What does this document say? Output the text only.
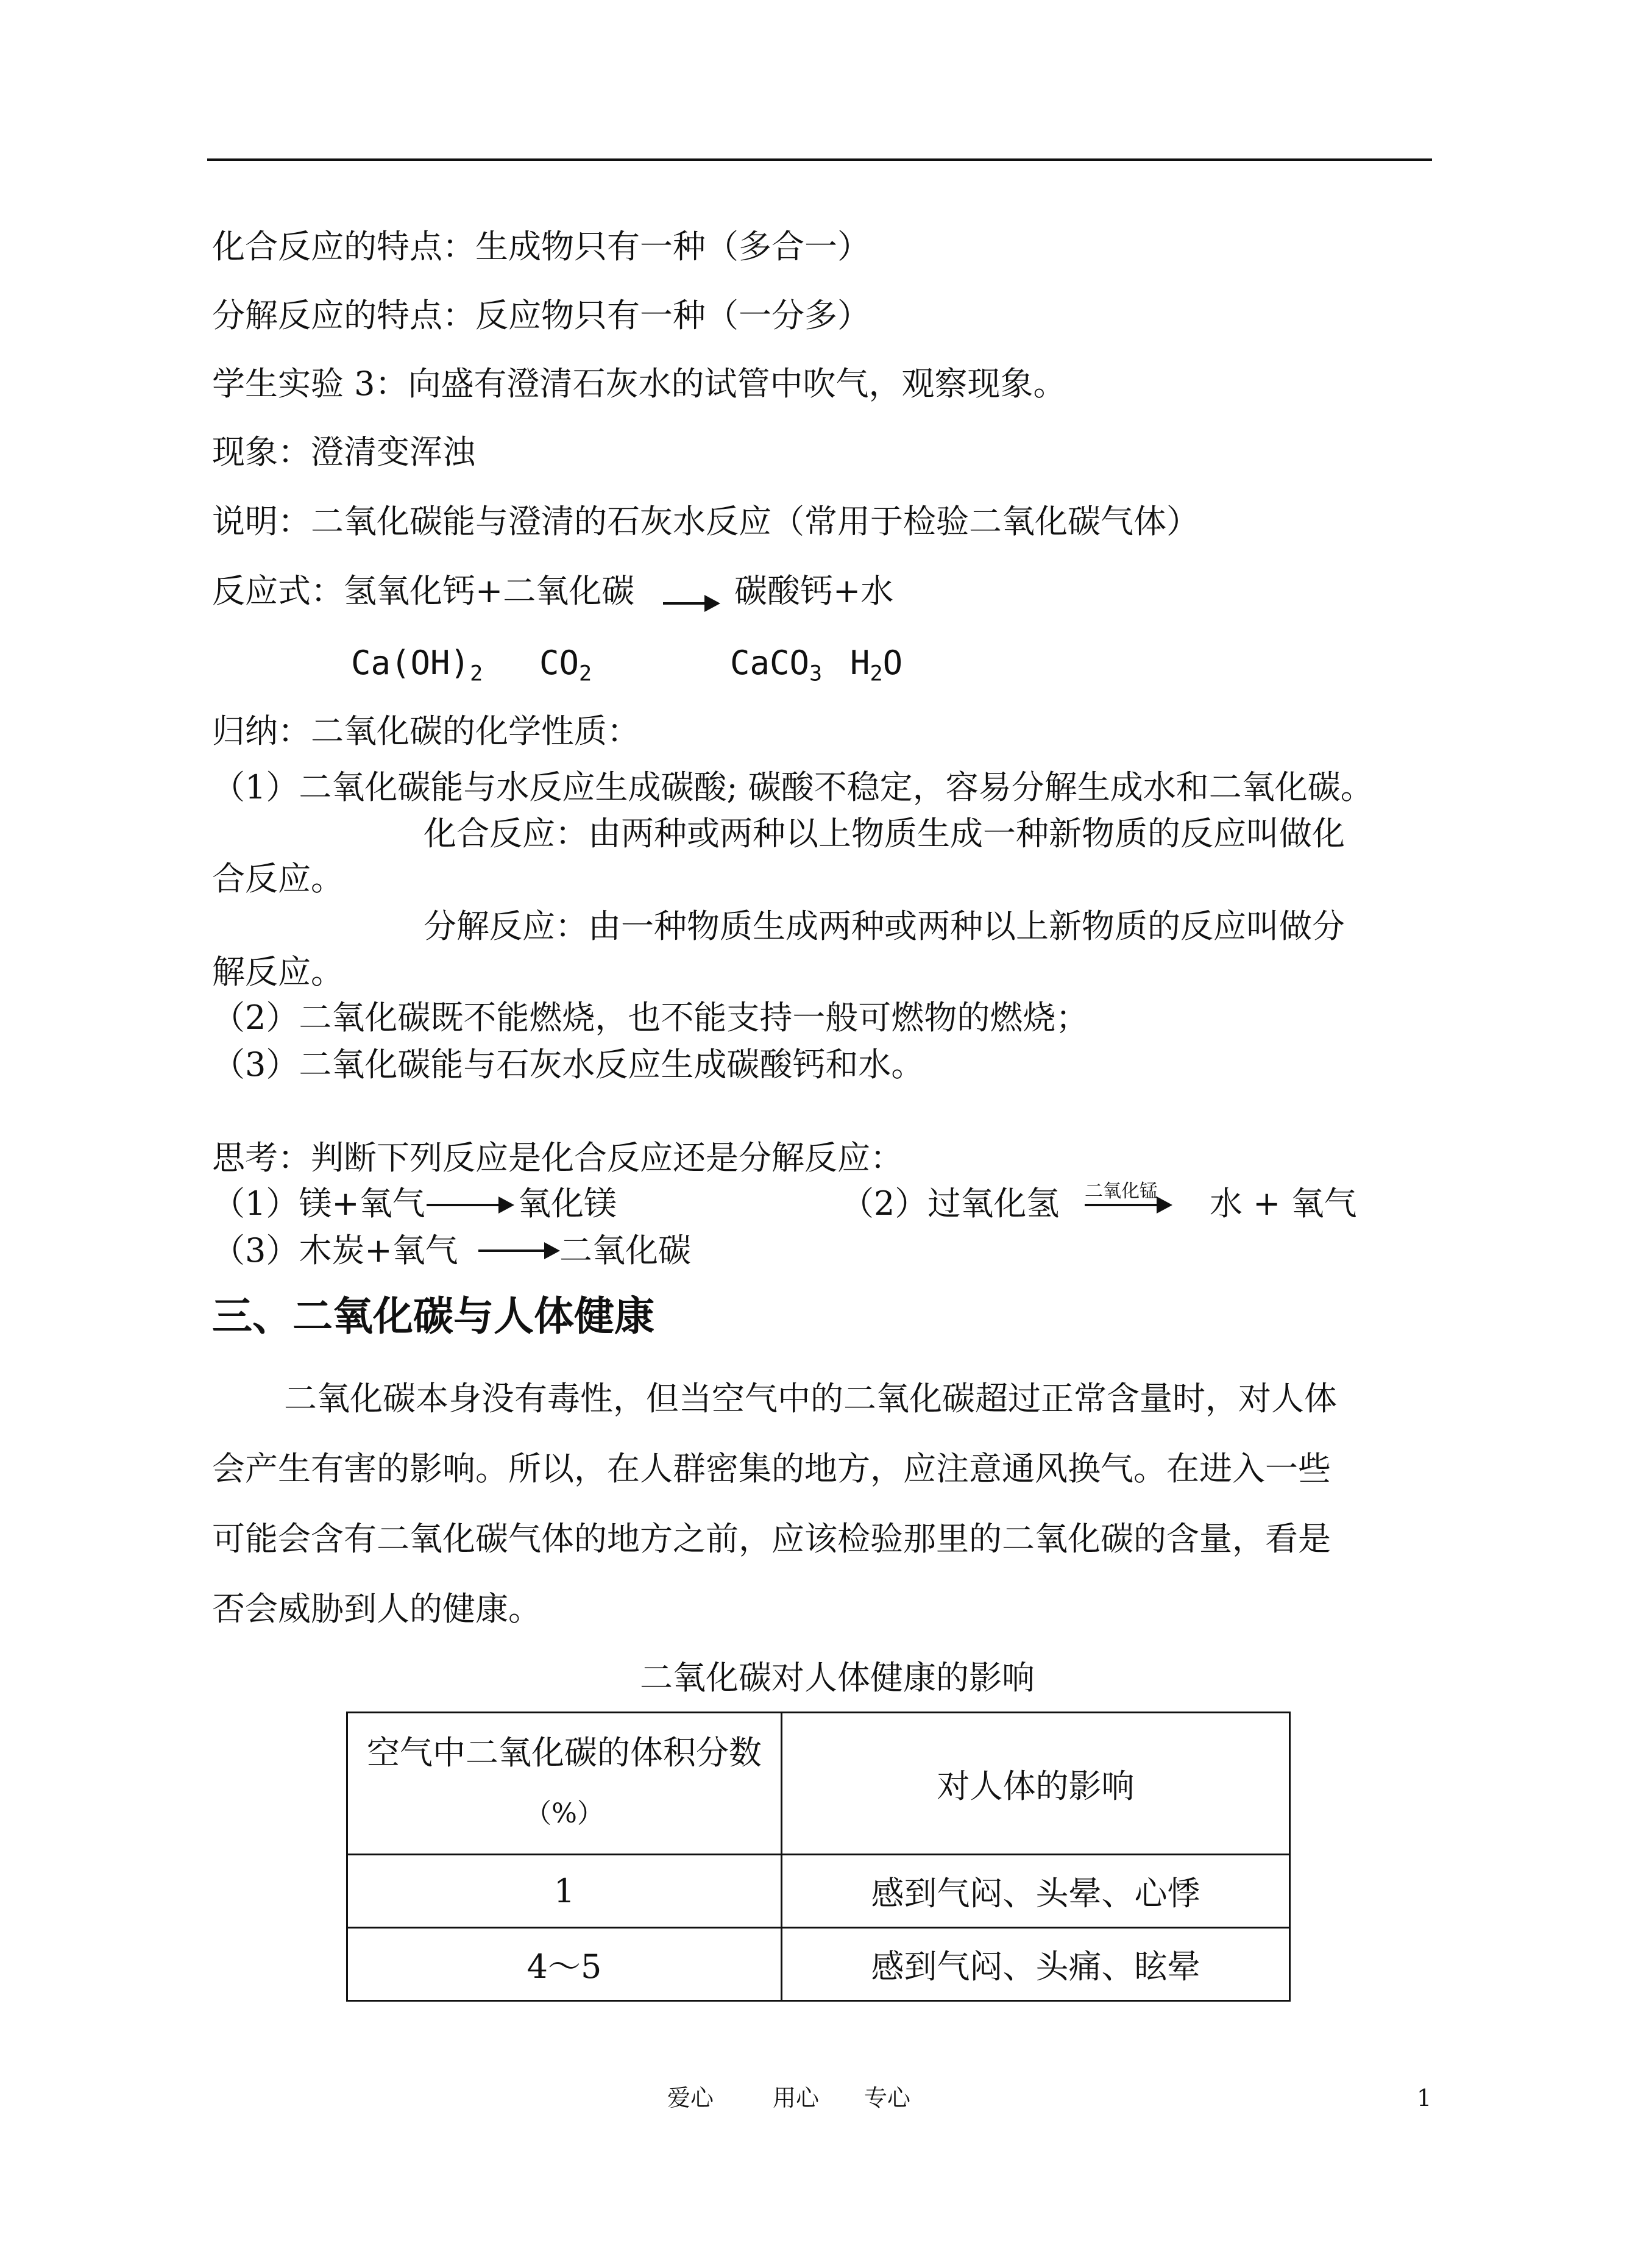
化合反应的特点：生成物只有一种（多合一）
分解反应的特点：反应物只有一种（一分多）
学生实验 3：向盛有澄清石灰水的试管中吹气，观察现象。
现象：澄清变浑浊
说明：二氧化碳能与澄清的石灰水反应（常用于检验二氧化碳气体）
反应式：氢氧化钙+二氧化碳	碳酸钙+水
$Ca(OH)_2$ $CO_2$	CaCO$_3$ $H_2O$
归纳：二氧化碳的化学性质：
（1）二氧化碳能与水反应生成碳酸; 碳酸不稳定，容易分解生成水和二氧化碳。
化合反应：由两种或两种以上物质生成一种新物质的反应叫做化
合反应。
分解反应：由一种物质生成两种或两种以上新物质的反应叫做分
解反应。
（2）二氧化碳既不能燃烧，也不能支持一般可燃物的燃烧；
（3）二氧化碳能与石灰水反应生成碳酸钙和水。
思考：判断下列反应是化合反应还是分解反应：
（1）镁+氧气	氧化镁	（2）过氧化氢 二氧化锰 水 + 氧气
（3）木炭+氧气	二氧化碳
三、二氧化碳与人体健康
二氧化碳本身没有毒性，但当空气中的二氧化碳超过正常含量时，对人体
会产生有害的影响。所以，在人群密集的地方，应注意通风换气。在进入一些
可能会含有二氧化碳气体的地方之前，应该检验那里的二氧化碳的含量，看是
否会威胁到人的健康。
二氧化碳对人体健康的影响
空气中二氧化碳的体积分数
（%）	对人体的影响
1	感到气闷、头晕、心悸
4～5	感到气闷、头痛、眩晕
爱心	用心 专心	1
